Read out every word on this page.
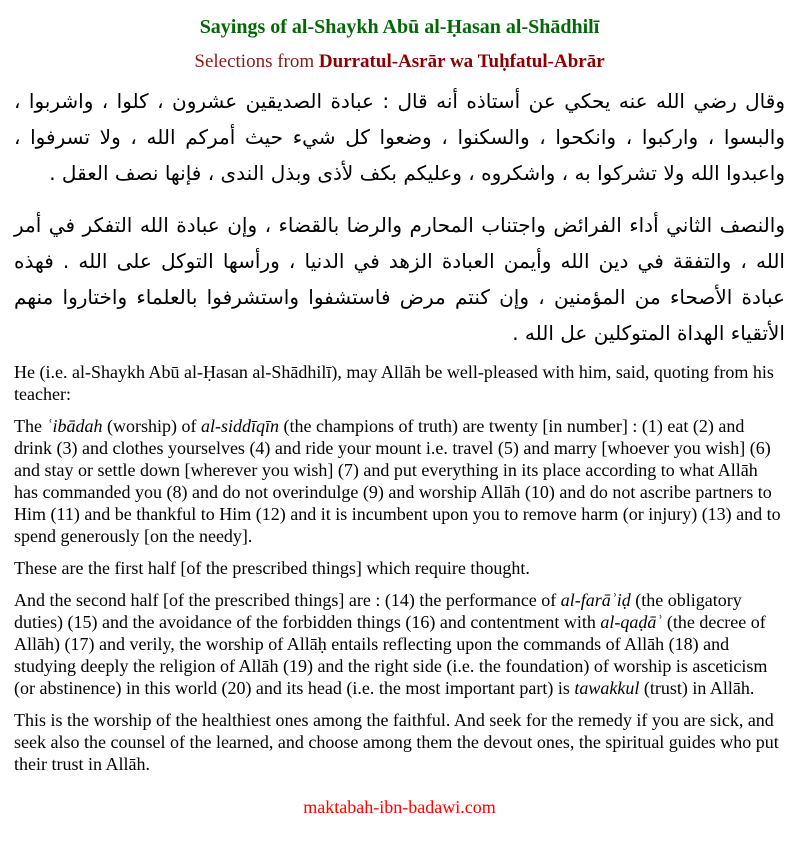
Sayings of al-Shaykh Abū al-Ḥasan al-Shādhilī
Selections from Durratul-Asrār wa Tuḥfatul-Abrār

وقال رضي الله عنه يحكي عن أستاذه أنه قال : عبادة الصديقين عشرون ، كلوا ، واشربوا ، والبسوا ، واركبوا ، وانكحوا ، والسكنوا ، وضعوا كل شيء حيث أمركم الله ، ولا تسرفوا ، واعبدوا الله ولا تشركوا به ، واشكروه ، وعليكم بكف لأذى وبذل الندى ، فإنها نصف العقل .

والنصف الثاني أداء الفرائض واجتناب المحارم والرضا بالقضاء ، وإن عبادة الله التفكر في أمر الله ، والتفقة في دين الله وأيمن العبادة الزهد في الدنيا ، ورأسها التوكل على الله . فهذه عبادة الأصحاء من المؤمنين ، وإن كنتم مرض فاستشفوا واستشرفوا بالعلماء واختاروا منهم الأتقياء الهداة المتوكلين عل الله .

He (i.e. al-Shaykh Abū al-Ḥasan al-Shādhilī), may Allāh be well-pleased with him, said, quoting from his teacher:

The ʿibādah (worship) of al-siddīqīn (the champions of truth) are twenty [in number] : (1) eat (2) and drink (3) and clothes yourselves (4) and ride your mount i.e. travel (5) and marry [whoever you wish] (6) and stay or settle down [wherever you wish] (7) and put everything in its place according to what Allāh has commanded you (8) and do not overindulge (9) and worship Allāh (10) and do not ascribe partners to Him (11) and be thankful to Him (12) and it is incumbent upon you to remove harm (or injury) (13) and to spend generously [on the needy].

These are the first half [of the prescribed things] which require thought.

And the second half [of the prescribed things] are : (14) the performance of al-farāʾiḍ (the obligatory duties) (15) and the avoidance of the forbidden things (16) and contentment with al-qaḍāʾ (the decree of Allāh) (17) and verily, the worship of Allāḥ entails reflecting upon the commands of Allāh (18) and studying deeply the religion of Allāh (19) and the right side (i.e. the foundation) of worship is asceticism (or abstinence) in this world (20) and its head (i.e. the most important part) is tawakkul (trust) in Allāh.

This is the worship of the healthiest ones among the faithful. And seek for the remedy if you are sick, and seek also the counsel of the learned, and choose among them the devout ones, the spiritual guides who put their trust in Allāh.

maktabah-ibn-badawi.com
